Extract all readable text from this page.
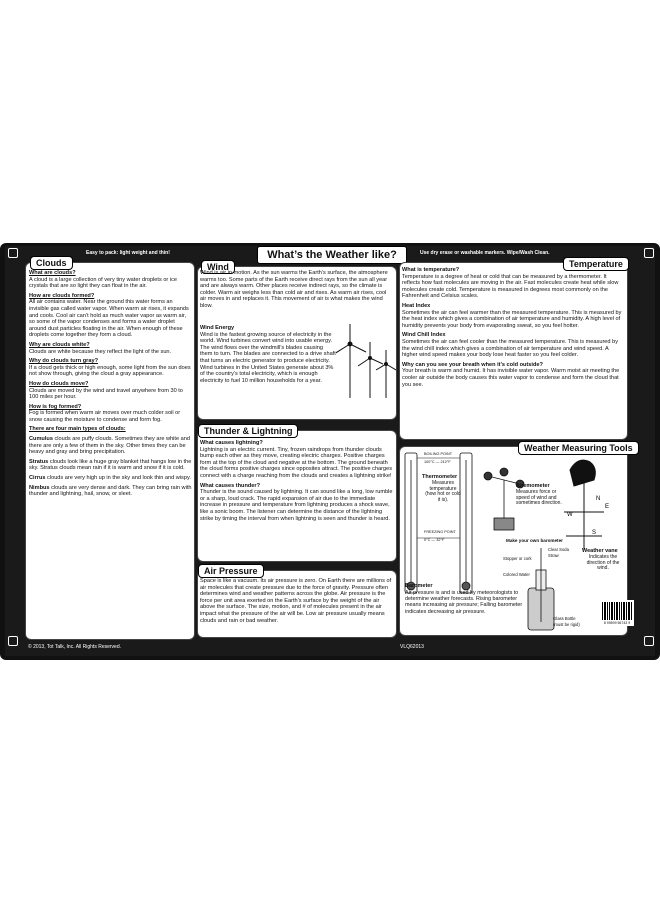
Easy to pack: light weight and thin!	What’s the Weather like?	Use dry erase or washable markers. Wipe/Wash Clean.
Clouds

What are clouds?
A cloud is a large collection of very tiny water droplets or ice crystals that are so light they can float in the air.

How are clouds formed?
All air contains water. Near the ground this water forms an invisible gas called water vapor. When warm air rises, it expands and cools. Cool air can’t hold as much water vapor as warm air, so some of the vapor condenses and forms a water droplet around dust particles floating in the air. When enough of these droplets come together they form a cloud.

Why are clouds white?
Clouds are white because they reflect the light of the sun.

Why do clouds turn gray?
If a cloud gets thick or high enough, some light from the sun does not show through, giving the cloud a gray appearance.

How do clouds move?
Clouds are moved by the wind and travel anywhere from 30 to 100 miles per hour.

How is fog formed?
Fog is formed when warm air moves over much colder soil or snow causing the moisture to condense and form fog.

There are four main types of clouds:

Cumulus clouds are puffy clouds. Sometimes they are white and there are only a few of them in the sky. Other times they can be heavy and gray and bring precipitation.

Stratus clouds look like a huge gray blanket that hangs low in the sky. Stratus clouds mean rain if it is warm and snow if it is cold.

Cirrus clouds are very high up in the sky and look thin and wispy.

Nimbus clouds are very dense and dark. They can bring rain with thunder and lightning, hail, snow, or sleet.

Wind

Wind is air in motion. As the sun warms the Earth’s surface, the atmosphere warms too. Some parts of the Earth receive direct rays from the sun all year and are always warm. Other places receive indirect rays, so the climate is colder. Warm air weighs less than cold air and rises. As warm air rises, cool air moves in and replaces it. This movement of air is what makes the wind blow.

Wind Energy
Wind is the fastest growing source of electricity in the world. Wind turbines convert wind into usable energy. The wind flows over the windmill’s blades causing them to turn. The blades are connected to a drive shaft that turns an electric generator to produce electricity. Wind turbines in the United States generate about 3% of the country’s total electricity, which is enough electricity to fuel 10 million households for a year.

Thunder & Lightning

What causes lightning?
Lightning is an electric current. Tiny, frozen raindrops from thunder clouds bump each other as they move, creating electric charges. Positive charges form at the top of the cloud and negative at the bottom. The ground beneath the cloud forms positive charges since opposites attract. The positive charges connect with a charge reaching from the clouds and creates a lightning strike!

What causes thunder?
Thunder is the sound caused by lightning. It can sound like a long, low rumble or a sharp, loud crack. The rapid expansion of air due to the immediate increase in pressure and temperature from lightning produces a shock wave, like a sonic boom. The listener can determine the distance of the lightning strike by timing the interval from when lightning is seen and thunder is heard.

Air Pressure

Space is like a vacuum. Its air pressure is zero. On Earth there are millions of air molecules that create pressure due to the force of gravity. Pressure often determines wind and weather patterns across the globe. Air pressure is the force per unit area exerted on the Earth’s surface by the weight of the air above the surface. The size, motion, and # of molecules present in the air impact what the pressure of the air will be. Low air pressure usually means clouds and rain or bad weather.

Temperature

What is temperature?
Temperature is a degree of heat or cold that can be measured by a thermometer. It reflects how fast molecules are moving in the air. Fast molecules create heat while slow molecules create cold. Temperature is measured in degrees most commonly on the Fahrenheit and Celsius scales.

Heat Index
Sometimes the air can feel warmer than the measured temperature. This is measured by the heat index which gives a combination of air temperature and humidity. A high level of humidity prevents your body from evaporating sweat, so you feel hotter.

Wind Chill Index
Sometimes the air can feel cooler than the measured temperature. This is measured by the wind chill index which gives a combination of air temperature and wind speed. A higher wind speed makes your body lose heat faster so you feel colder.

Why can you see your breath when it’s cold outside?
Your breath is warm and humid. It has invisible water vapor. Warm moist air meeting the cooler air outside the body causes this water vapor to condense and form the cloud that you see.

Weather Measuring Tools
W
E
N
S
BOILING POINT
100°C — 212°F
FREEZING POINT
0°C — 32°F
Thermometer
Measures temperature (how hot or cold it is).
Anemometer
Measures force or speed of wind and sometimes direction.
Make your own barometer
Clear Soda Straw
Stopper or cork
Colored Water
Glass Bottle (must be rigid)
Weather vane
Indicates the direction of the wind.
Barometer
Air pressure is and is used by meteorologists to determine weather forecasts. Rising barometer means increasing air pressure; Falling barometer indicates decreasing air pressure.
8 99599 56743 9
© 2013, Tot Talk, Inc. All Rights Reserved.	VLQ62013
